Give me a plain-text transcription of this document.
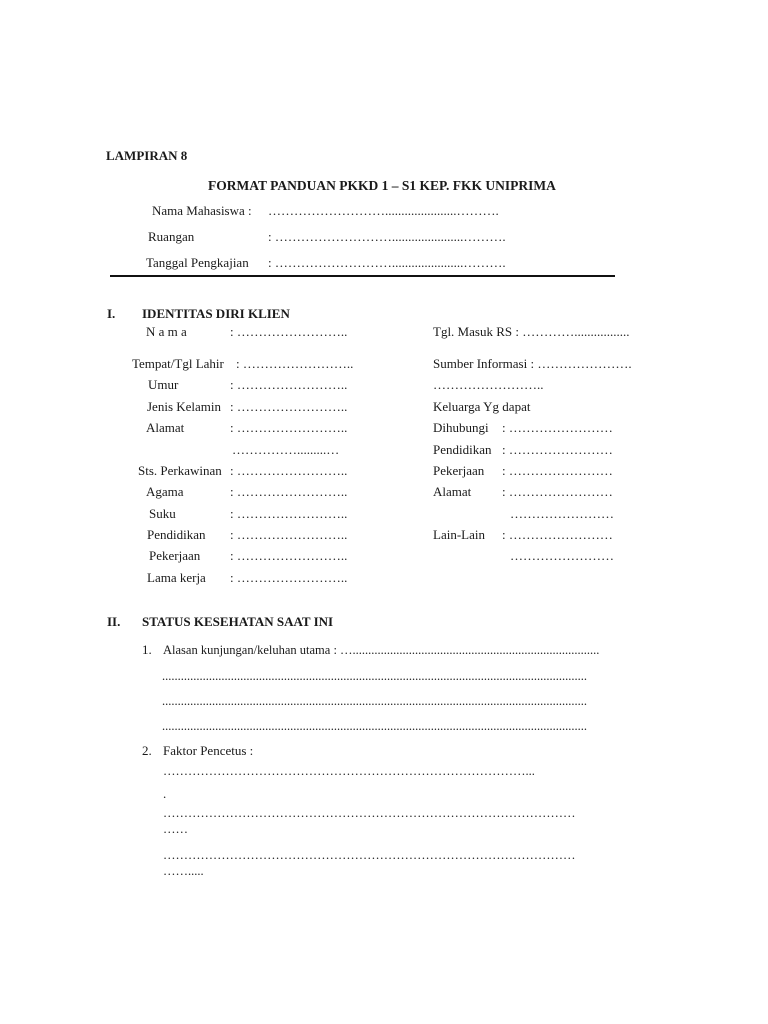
LAMPIRAN 8
FORMAT PANDUAN PKKD 1 – S1 KEP. FKK UNIPRIMA
Nama Mahasiswa : ………………………......................……….
Ruangan	: ………………………......................……….
Tanggal Pengkajian : ………………………......................……….
I. IDENTITAS DIRI KLIEN
N a m a	: ……………………..
Tempat/Tgl Lahir : ……………………..
Umur	: ……………………..
Jenis Kelamin : ……………………..
Alamat	: ……………………..
…………….........…
Sts. Perkawinan : ……………………..
Agama	: ……………………..
Suku	: ……………………..
Pendidikan : ……………………..
Pekerjaan : ……………………..
Lama kerja : ……………………..
Tgl. Masuk RS : ………….................
Sumber Informasi : ………………….
……………………..
Keluarga Yg dapat
Dihubungi : ……………………
Pendidikan : ……………………
Pekerjaan : ……………………
Alamat : ……………………
……………………
Lain-Lain : ……………………
……………………
II. STATUS KESEHATAN SAAT INI
1. Alasan kunjungan/keluhan utama : …...............................................................................
........................................................................................................................................
........................................................................................................................................
........................................................................................................................................
2. Faktor Pencetus :
……………………………………………………………………………...
.
………………………………………………………………………………………
……
………………………………………………………………………………………
…….....
